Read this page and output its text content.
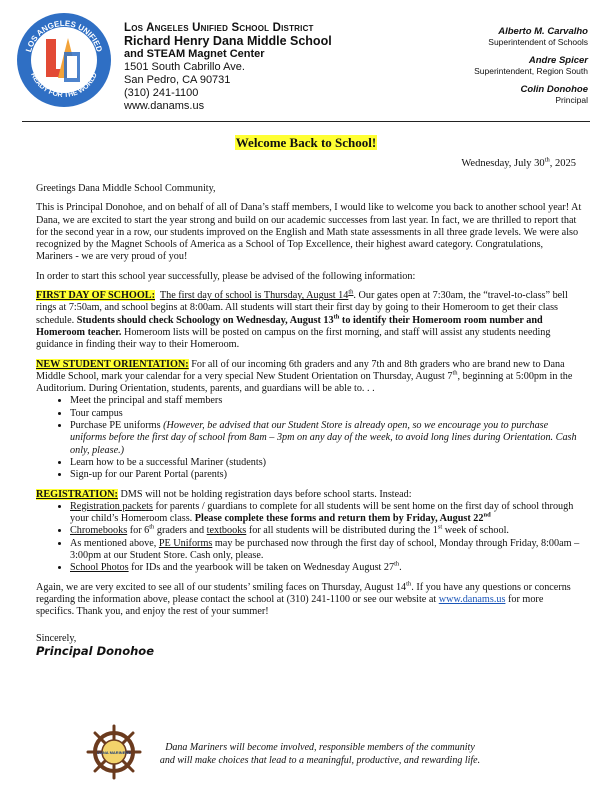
LOS ANGELES UNIFIED
READY FOR THE WORLD
Los Angeles Unified School District
Richard Henry Dana Middle School
and STEAM Magnet Center
1501 South Cabrillo Ave.
San Pedro, CA 90731
(310) 241-1100
www.danams.us
Alberto M. Carvalho
Superintendent of Schools
Andre Spicer
Superintendent, Region South
Colin Donohoe
Principal
Welcome Back to School!
Wednesday, July 30th, 2025

Greetings Dana Middle School Community,

This is Principal Donohoe, and on behalf of all of Dana’s staff members, I would like to welcome you back to another school year! At Dana, we are excited to start the year strong and build on our academic successes from last year. In fact, we are thrilled to report that for the second year in a row, our students improved on the English and Math state assessments in all three grade levels. We were also recognized by the Magnet Schools of America as a School of Top Excellence, their highest award category. Congratulations, Mariners - we are very proud of you!

In order to start this school year successfully, please be advised of the following information:

FIRST DAY OF SCHOOL: The first day of school is Thursday, August 14th. Our gates open at 7:30am, the “travel-to-class” bell rings at 7:50am, and school begins at 8:00am. All students will start their first day by going to their Homeroom to get their class schedule. Students should check Schoology on Wednesday, August 13th to identify their Homeroom room number and Homeroom teacher. Homeroom lists will be posted on campus on the first morning, and staff will assist any students needing guidance in finding their way to their Homeroom.

NEW STUDENT ORIENTATION: For all of our incoming 6th graders and any 7th and 8th graders who are brand new to Dana Middle School, mark your calendar for a very special New Student Orientation on Thursday, August 7th, beginning at 5:00pm in the Auditorium. During Orientation, students, parents, and guardians will be able to. . .

• Meet the principal and staff members
• Tour campus
• Purchase PE uniforms (However, be advised that our Student Store is already open, so we encourage you to purchase uniforms before the first day of school from 8am – 3pm on any day of the week, to avoid long lines during Orientation. Cash only, please.)
• Learn how to be a successful Mariner (students)
• Sign-up for our Parent Portal (parents)

REGISTRATION: DMS will not be holding registration days before school starts. Instead:

• Registration packets for parents / guardians to complete for all students will be sent home on the first day of school through your child’s Homeroom class. Please complete these forms and return them by Friday, August 22nd
• Chromebooks for 6th graders and textbooks for all students will be distributed during the 1st week of school.
• As mentioned above, PE Uniforms may be purchased now through the first day of school, Monday through Friday, 8:00am – 3:00pm at our Student Store. Cash only, please.
• School Photos for IDs and the yearbook will be taken on Wednesday August 27th.

Again, we are very excited to see all of our students’ smiling faces on Thursday, August 14th. If you have any questions or concerns regarding the information above, please contact the school at (310) 241-1100 or see our website at www.danams.us for more specifics. Thank you, and enjoy the rest of your summer!

Sincerely,

Principal Donohoe
DANA MARINERS	Dana Mariners will become involved, responsible members of the community
and will make choices that lead to a meaningful, productive, and rewarding life.
